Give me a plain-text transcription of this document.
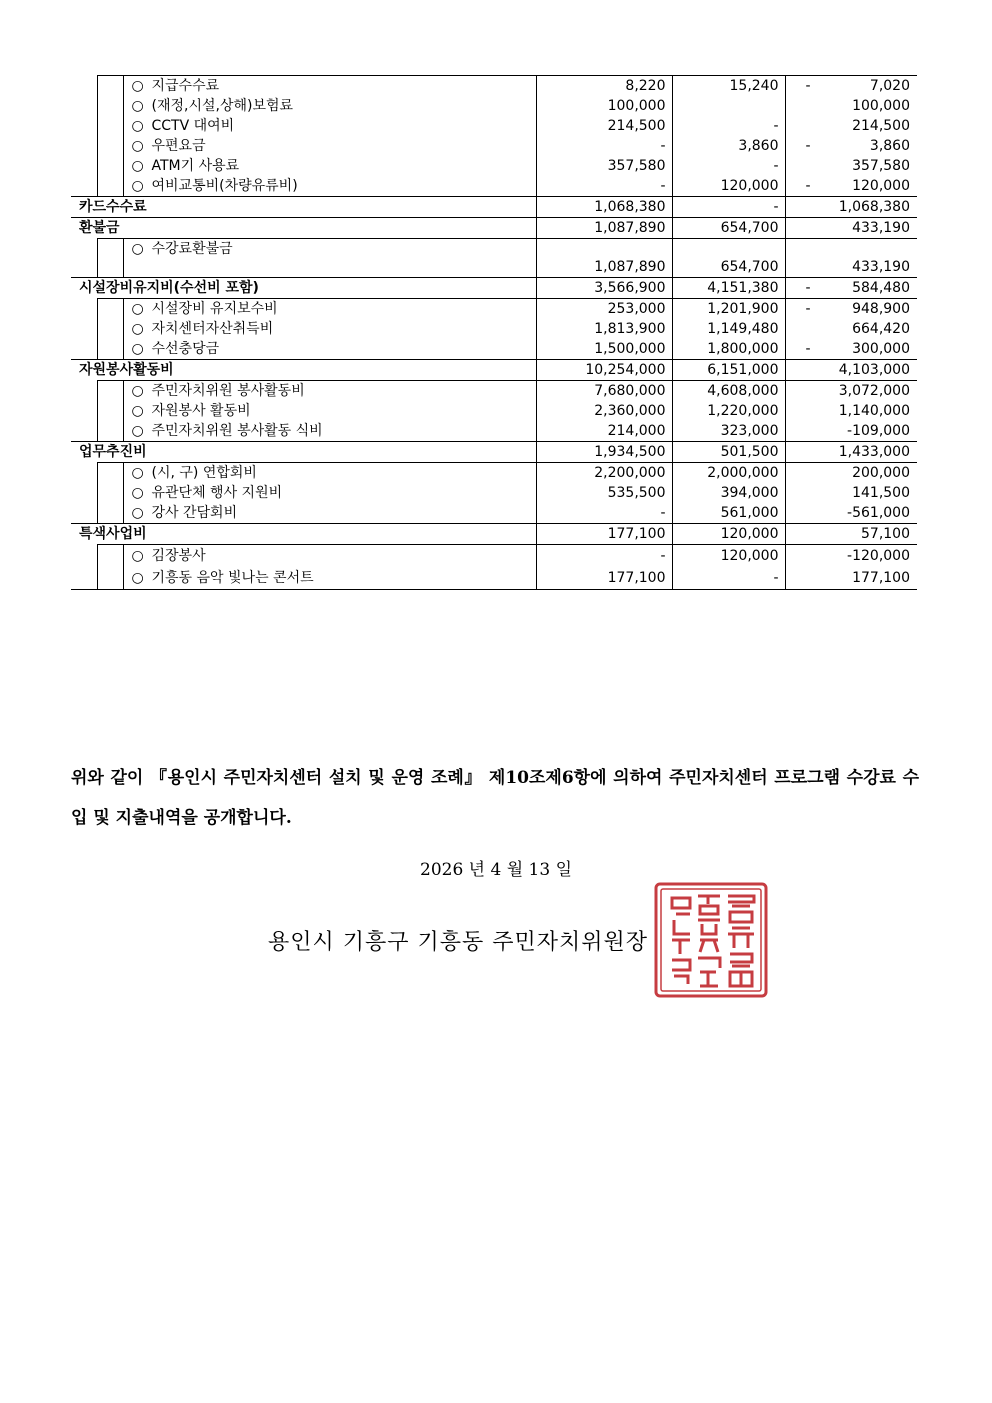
		○ 지급수수료	8,220	15,240	- 7,020

		○ (재정,시설,상해)보험료	100,000		100,000

		○ CCTV 대여비	214,500	-	214,500

		○ 우편요금	-	3,860	- 3,860

		○ ATM기 사용료	357,580	-	357,580

		○ 여비교통비(차량유류비)	-	120,000	- 120,000

카드수수료			1,068,380	-	1,068,380

환불금			1,087,890	654,700	433,190

		○ 수강료환불금	1,087,890	654,700	433,190

시설장비유지비(수선비 포함)			3,566,900	4,151,380	- 584,480

		○ 시설장비 유지보수비	253,000	1,201,900	- 948,900

		○ 자치센터자산취득비	1,813,900	1,149,480	664,420

		○ 수선충당금	1,500,000	1,800,000	- 300,000

자원봉사활동비			10,254,000	6,151,000	4,103,000

		○ 주민자치위원 봉사활동비	7,680,000	4,608,000	3,072,000

		○ 자원봉사 활동비	2,360,000	1,220,000	1,140,000

		○ 주민자치위원 봉사활동 식비	214,000	323,000	-109,000

업무추진비			1,934,500	501,500	1,433,000

		○ (시, 구) 연합회비	2,200,000	2,000,000	200,000

		○ 유관단체 행사 지원비	535,500	394,000	141,500

		○ 강사 간담회비	-	561,000	-561,000

특색사업비			177,100	120,000	57,100

		○ 김장봉사	-	120,000	-120,000

		○ 기흥동 음악 빛나는 콘서트	177,100	-	177,100
위와 같이 『용인시 주민자치센터 설치 및 운영 조례』 제10조제6항에 의하여 주민자치센터 프로그램 수강료 수입 및 지출내역을 공개합니다.
2026 년 4 월 13 일
용인시 기흥구 기흥동 주민자치위원장
